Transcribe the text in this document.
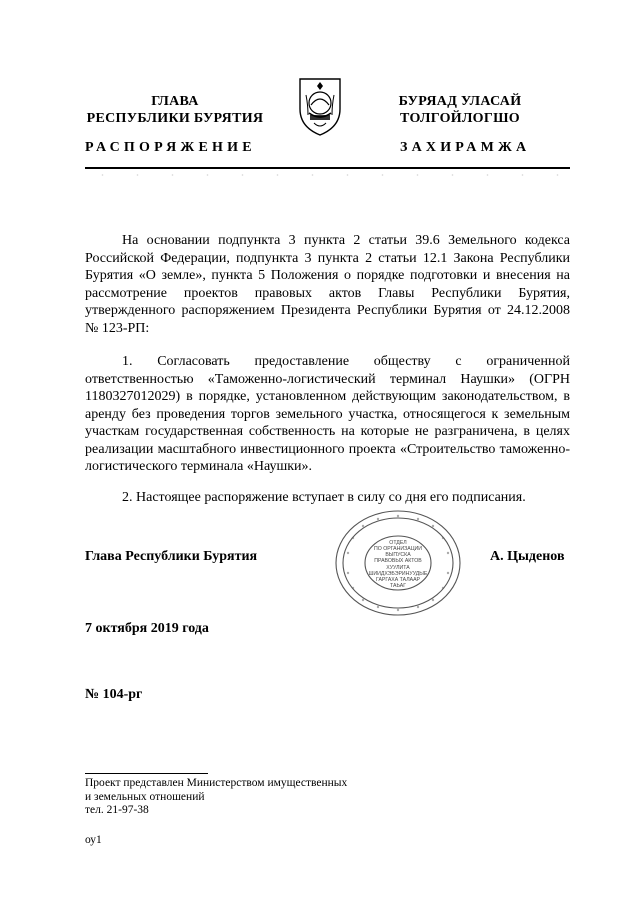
ГЛАВА
РЕСПУБЛИКИ БУРЯТИЯ
БУРЯАД УЛАСАЙ
ТОЛГОЙЛОГШО
РАСПОРЯЖЕНИЕ	ЗАХИРАМЖА
На основании подпункта 3 пункта 2 статьи 39.6 Земельного кодекса Российской Федерации, подпункта 3 пункта 2 статьи 12.1 Закона Республики Бурятия «О земле», пункта 5 Положения о порядке подготовки и внесения на рассмотрение проектов правовых актов Главы Республики Бурятия, утвержденного распоряжением Президента Республики Бурятия от 24.12.2008 № 123-РП:
1. Согласовать предоставление обществу с ограниченной ответственностью «Таможенно-логистический терминал Наушки» (ОГРН 1180327012029) в порядке, установленном действующим законодательством, в аренду без проведения торгов земельного участка, относящегося к земельным участкам государственная собственность на которые не разграничена, в целях реализации масштабного инвестиционного проекта «Строительство таможенно-логистического терминала «Наушки».
2. Настоящее распоряжение вступает в силу со дня его подписания.
Глава Республики Бурятия
ОТДЕЛ
ПО ОРГАНИЗАЦИИ
ВЫПУСКА
ПРАВОВЫХ АКТОВ
ХУУЛИТА
ШИИДХЭБЭРИНУУДЫЕ
ГАРГАХА ТАЛААР
ТАЬАГ
А. Цыденов
7 октября 2019 года
№ 104-рг
Проект представлен Министерством имущественных
и земельных отношений
тел. 21-97-38
оу1
